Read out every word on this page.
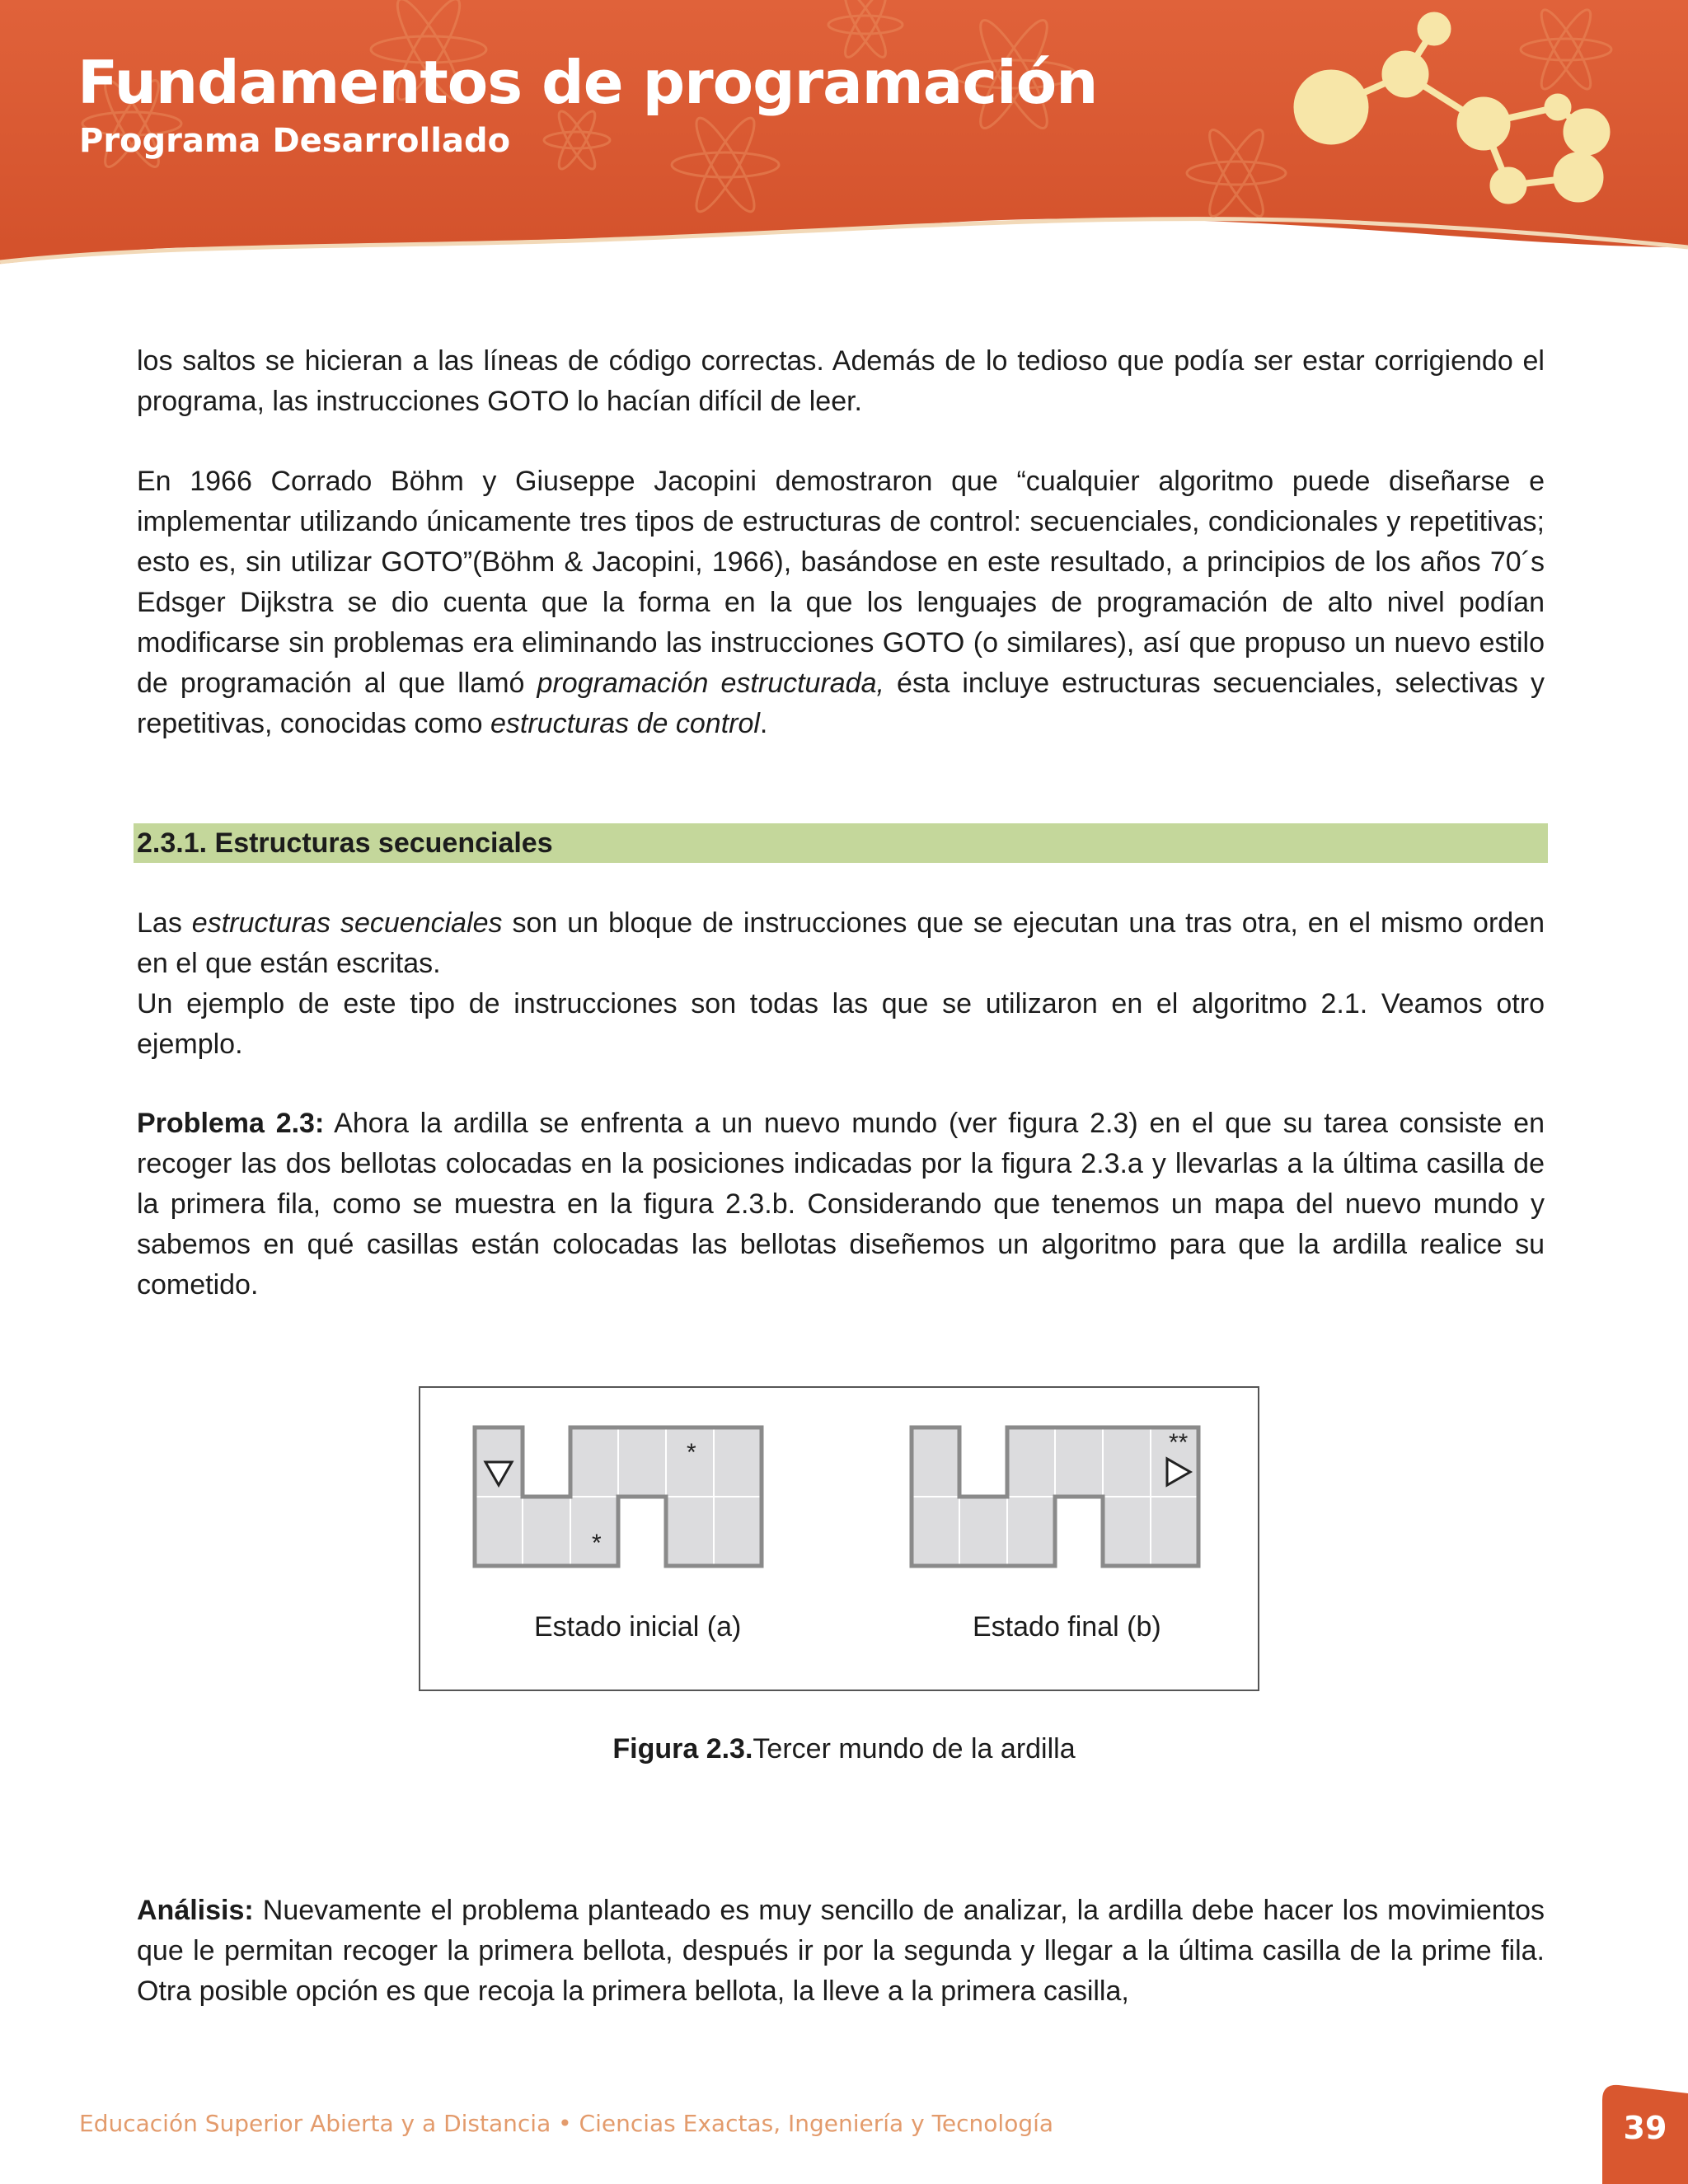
Fundamentos de programación
Programa Desarrollado

los saltos se hicieran a las líneas de código correctas. Además de lo tedioso que podía ser estar corrigiendo el programa, las instrucciones GOTO lo hacían difícil de leer.

En 1966 Corrado Böhm y Giuseppe Jacopini demostraron que “cualquier algoritmo puede diseñarse e implementar utilizando únicamente tres tipos de estructuras de control: secuenciales, condicionales y repetitivas; esto es, sin utilizar GOTO”(Böhm & Jacopini, 1966), basándose en este resultado, a principios de los años 70´s Edsger Dijkstra se dio cuenta que la forma en la que los lenguajes de programación de alto nivel podían modificarse sin problemas era eliminando las instrucciones GOTO (o similares), así que propuso un nuevo estilo de programación al que llamó programación estructurada, ésta incluye estructuras secuenciales, selectivas y repetitivas, conocidas como estructuras de control.

2.3.1. Estructuras secuenciales

Las estructuras secuenciales son un bloque de instrucciones que se ejecutan una tras otra, en el mismo orden en el que están escritas.

Un ejemplo de este tipo de instrucciones son todas las que se utilizaron en el algoritmo 2.1. Veamos otro ejemplo.

Problema 2.3: Ahora la ardilla se enfrenta a un nuevo mundo (ver figura 2.3) en el que su tarea consiste en recoger las dos bellotas colocadas en la posiciones indicadas por la figura 2.3.a y llevarlas a la última casilla de la primera fila, como se muestra en la figura 2.3.b. Considerando que tenemos un mapa del nuevo mundo y sabemos en qué casillas están colocadas las bellotas diseñemos un algoritmo para que la ardilla realice su cometido.

*
*
**
Estado inicial (a)	Estado final (b)
Figura 2.3.Tercer mundo de la ardilla

Análisis: Nuevamente el problema planteado es muy sencillo de analizar, la ardilla debe hacer los movimientos que le permitan recoger la primera bellota, después ir por la segunda y llegar a la última casilla de la prime fila. Otra posible opción es que recoja la primera bellota, la lleve a la primera casilla,

Educación Superior Abierta y a Distancia • Ciencias Exactas, Ingeniería y Tecnología	39
